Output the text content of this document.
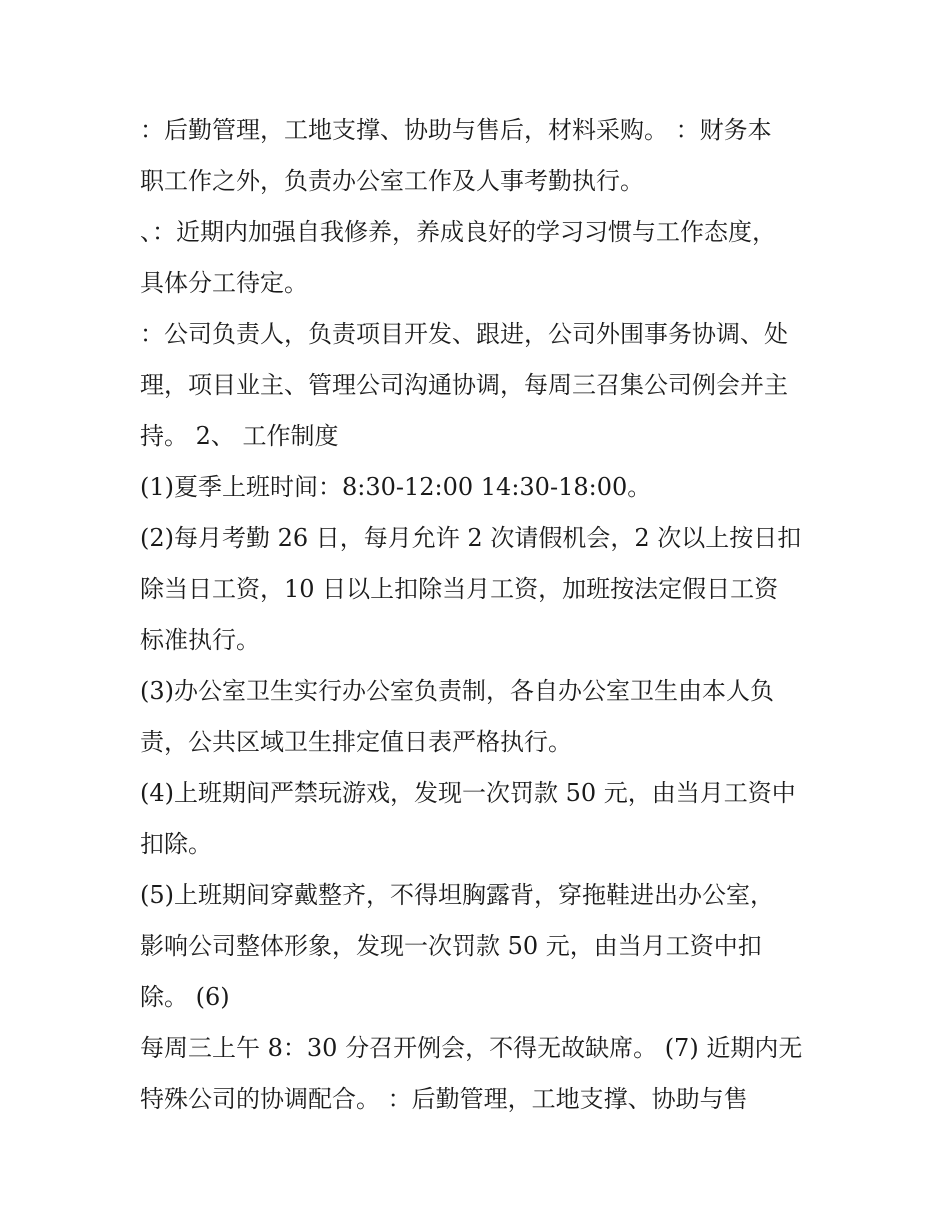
：后勤管理，工地支撑、协助与售后，材料采购。 ：财务本
职工作之外，负责办公室工作及人事考勤执行。
、：近期内加强自我修养，养成良好的学习习惯与工作态度，
具体分工待定。
：公司负责人，负责项目开发、跟进，公司外围事务协调、处
理，项目业主、管理公司沟通协调，每周三召集公司例会并主
持。 2、 工作制度
(1)夏季上班时间：8:30-12:00 14:30-18:00。
(2)每月考勤 26 日，每月允许 2 次请假机会，2 次以上按日扣
除当日工资，10 日以上扣除当月工资，加班按法定假日工资
标准执行。
(3)办公室卫生实行办公室负责制，各自办公室卫生由本人负
责，公共区域卫生排定值日表严格执行。
(4)上班期间严禁玩游戏，发现一次罚款 50 元，由当月工资中
扣除。
(5)上班期间穿戴整齐，不得坦胸露背，穿拖鞋进出办公室，
影响公司整体形象，发现一次罚款 50 元，由当月工资中扣
除。 (6)
每周三上午 8：30 分召开例会，不得无故缺席。 (7) 近期内无
特殊公司的协调配合。 ：后勤管理，工地支撑、协助与售
